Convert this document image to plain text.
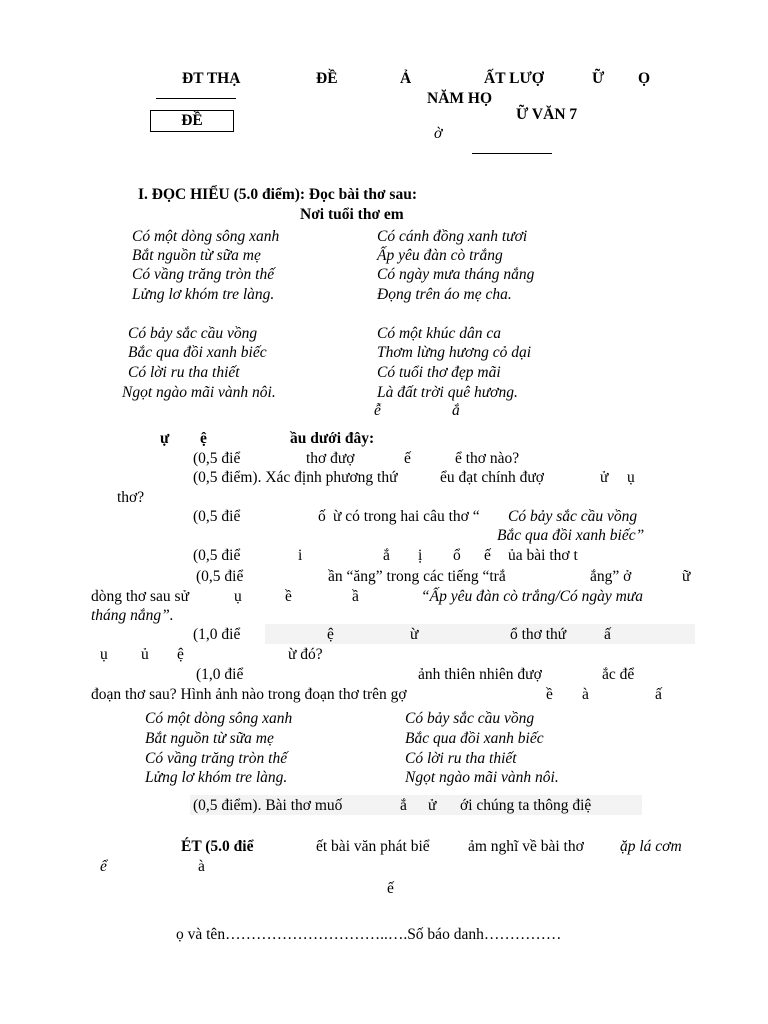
ĐT THẠ	ĐỀ	Ả	ẤT LƯỢ	Ữ Ọ
NĂM HỌ
ĐỀ	Ữ VĂN 7
ờ
I. ĐỌC HIỂU (5.0 điểm): Đọc bài thơ sau:
Nơi tuổi thơ em
Có một dòng sông xanh
Bắt nguồn từ sữa mẹ
Có vầng trăng tròn thế
Lửng lơ khóm tre làng.
Có cánh đồng xanh tươi
Ấp yêu đàn cò trắng
Có ngày mưa tháng nắng
Đọng trên áo mẹ cha.
Có bảy sắc cầu vồng
Bắc qua đồi xanh biếc
Có lời ru tha thiết
Ngọt ngào mãi vành nôi.
Có một khúc dân ca
Thơm lừng hương cỏ dại
Có tuổi thơ đẹp mãi
Là đất trời quê hương.
ễ	ắ
ự ệ	ầu dưới đây:
(0,5 điể	thơ đượ	ế	ể thơ nào?
(0,5 điểm). Xác định phương thứ	ểu đạt chính đượ	ử ụ
thơ?
(0,5 điể	ố ừ có trong hai câu thơ “ Có bảy sắc cầu vồng
Bắc qua đồi xanh biếc”
(0,5 điể	i	ắ ị ổ ế ủa bài thơ t
(0,5 điể	ần “ăng” trong các tiếng “trắ	ắng” ở	ữ
dòng thơ sau sử	ụ	ề	ầ	“Ấp yêu đàn cò trắng/Có ngày mưa
tháng nắng”.
(1,0 điể	ệ	ừ	ổ thơ thứ ấ
ụ ủ ệ	ừ đó?
(1,0 điể	ảnh thiên nhiên đượ	ắc để
đoạn thơ sau? Hình ảnh nào trong đoạn thơ trên gợ	ề à	ấ
Có một dòng sông xanh
Bắt nguồn từ sữa mẹ
Có vầng trăng tròn thế
Lửng lơ khóm tre làng.
Có bảy sắc cầu vồng
Bắc qua đồi xanh biếc
Có lời ru tha thiết
Ngọt ngào mãi vành nôi.
(0,5 điểm). Bài thơ muố	ắ ử ới chúng ta thông điệ
ÉT (5.0 điể	ết bài văn phát biể ảm nghĩ về bài thơ ặp lá cơm
ể	à
ế
ọ và tên…………………………..….Số báo danh……………
